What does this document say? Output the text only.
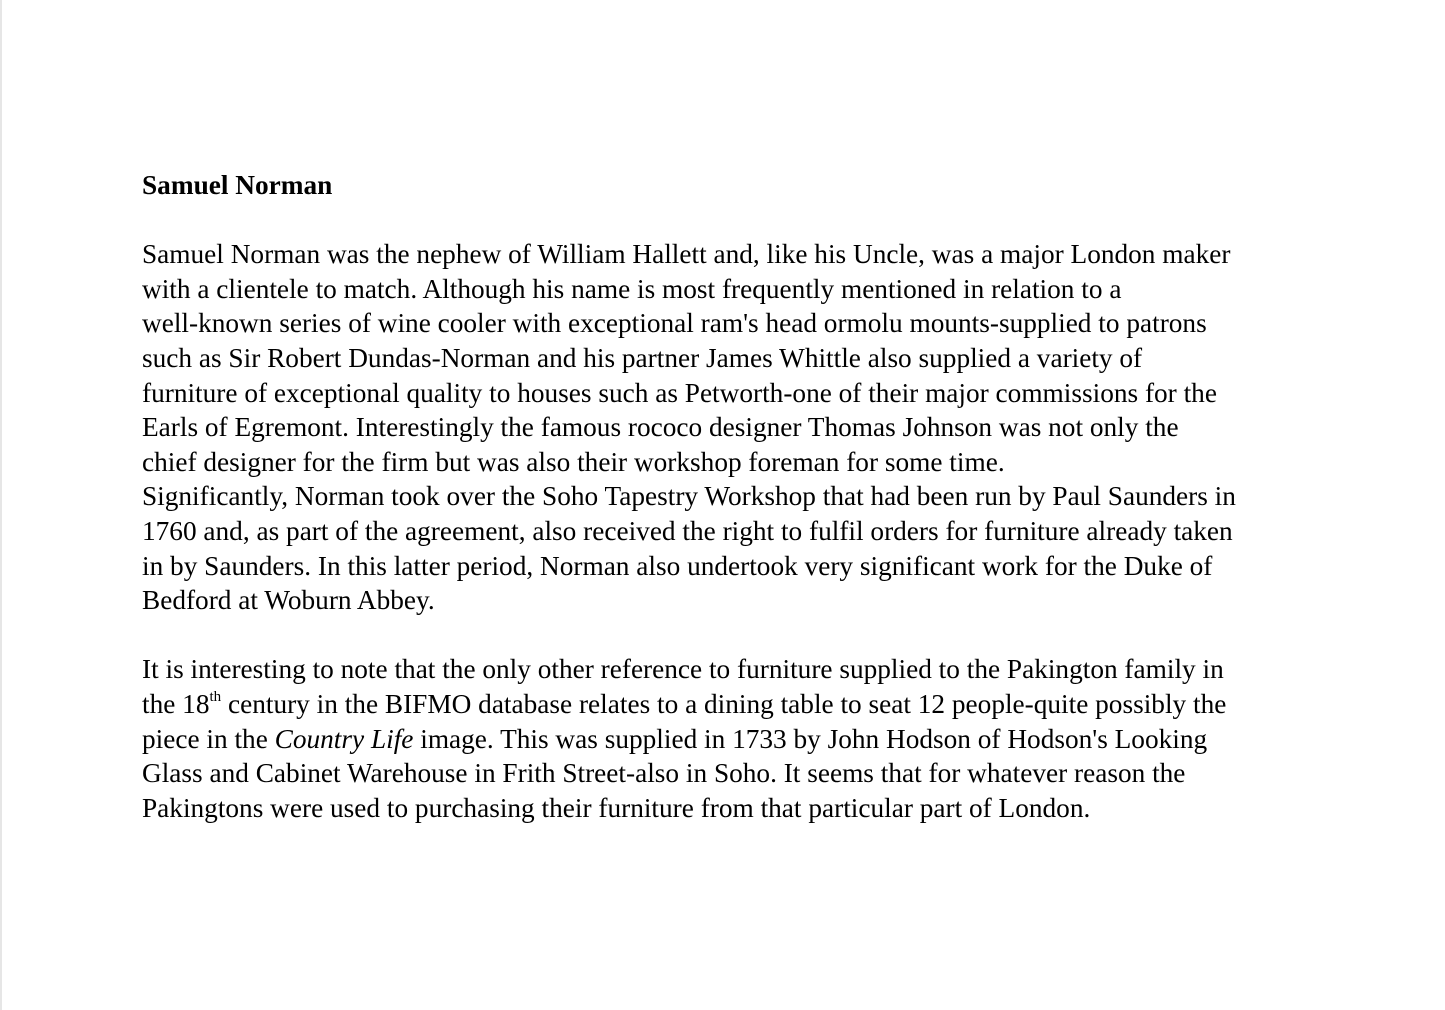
Samuel Norman
Samuel Norman was the nephew of William Hallett and, like his Uncle, was a major London maker
with a clientele to match. Although his name is most frequently mentioned in relation to a
well-known series of wine cooler with exceptional ram's head ormolu mounts-supplied to patrons
such as Sir Robert Dundas-Norman and his partner James Whittle also supplied a variety of
furniture of exceptional quality to houses such as Petworth-one of their major commissions for the
Earls of Egremont. Interestingly the famous rococo designer Thomas Johnson was not only the
chief designer for the firm but was also their workshop foreman for some time.
Significantly, Norman took over the Soho Tapestry Workshop that had been run by Paul Saunders in
1760 and, as part of the agreement, also received the right to fulfil orders for furniture already taken
in by Saunders. In this latter period, Norman also undertook very significant work for the Duke of
Bedford at Woburn Abbey.
It is interesting to note that the only other reference to furniture supplied to the Pakington family in
the 18th century in the BIFMO database relates to a dining table to seat 12 people-quite possibly the
piece in the Country Life image. This was supplied in 1733 by John Hodson of Hodson's Looking
Glass and Cabinet Warehouse in Frith Street-also in Soho. It seems that for whatever reason the
Pakingtons were used to purchasing their furniture from that particular part of London.
